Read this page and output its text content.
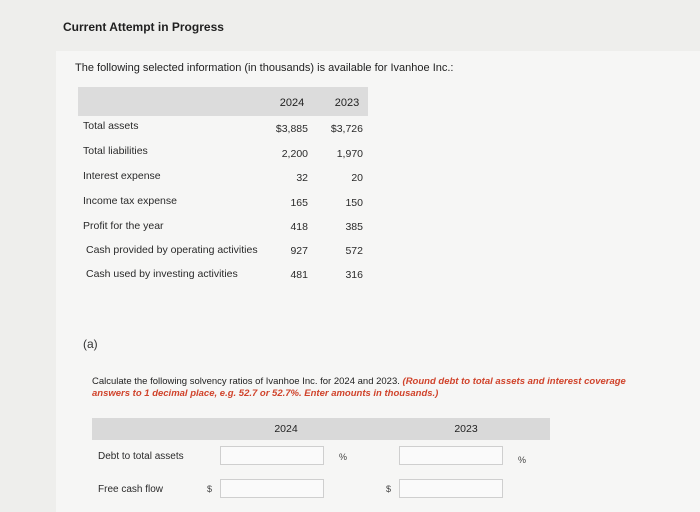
Current Attempt in Progress
The following selected information (in thousands) is available for Ivanhoe Inc.:
2024	2023
Total assets	$3,885	$3,726
Total liabilities	2,200	1,970
Interest expense	32	20
Income tax expense	165	150
Profit for the year	418	385
Cash provided by operating activities	927	572
Cash used by investing activities	481	316
(a)
Calculate the following solvency ratios of Ivanhoe Inc. for 2024 and 2023. (Round debt to total assets and interest coverage answers to 1 decimal place, e.g. 52.7 or 52.7%. Enter amounts in thousands.)
2024	2023
Debt to total assets	%	%
Free cash flow	$	$
